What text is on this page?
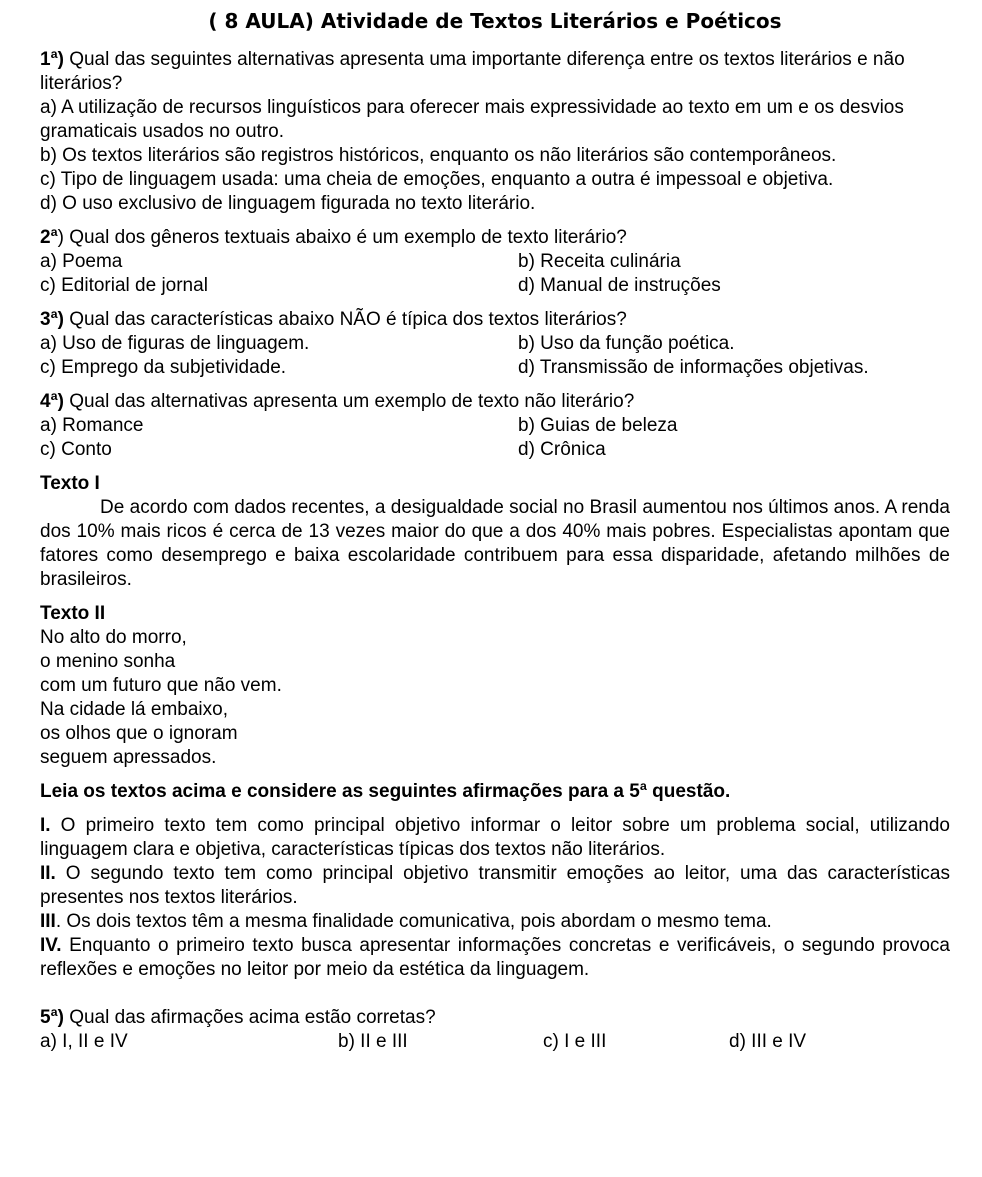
( 8 AULA) Atividade de Textos Literários e Poéticos

1ª) Qual das seguintes alternativas apresenta uma importante diferença entre os textos literários e não literários?

a) A utilização de recursos linguísticos para oferecer mais expressividade ao texto em um e os desvios gramaticais usados no outro.

b) Os textos literários são registros históricos, enquanto os não literários são contemporâneos.

c) Tipo de linguagem usada: uma cheia de emoções, enquanto a outra é impessoal e objetiva.

d) O uso exclusivo de linguagem figurada no texto literário.

2ª) Qual dos gêneros textuais abaixo é um exemplo de texto literário?

a) Poema	b) Receita culinária
c) Editorial de jornal	d) Manual de instruções

3ª) Qual das características abaixo NÃO é típica dos textos literários?

a) Uso de figuras de linguagem.	b) Uso da função poética.
c) Emprego da subjetividade.	d) Transmissão de informações objetivas.

4ª) Qual das alternativas apresenta um exemplo de texto não literário?

a) Romance	b) Guias de beleza
c) Conto	d) Crônica

Texto I

De acordo com dados recentes, a desigualdade social no Brasil aumentou nos últimos anos. A renda dos 10% mais ricos é cerca de 13 vezes maior do que a dos 40% mais pobres. Especialistas apontam que fatores como desemprego e baixa escolaridade contribuem para essa disparidade, afetando milhões de brasileiros.

Texto II

No alto do morro,

o menino sonha

com um futuro que não vem.

Na cidade lá embaixo,

os olhos que o ignoram

seguem apressados.

Leia os textos acima e considere as seguintes afirmações para a 5ª questão.

I. O primeiro texto tem como principal objetivo informar o leitor sobre um problema social, utilizando linguagem clara e objetiva, características típicas dos textos não literários.

II. O segundo texto tem como principal objetivo transmitir emoções ao leitor, uma das características presentes nos textos literários.

III. Os dois textos têm a mesma finalidade comunicativa, pois abordam o mesmo tema.

IV. Enquanto o primeiro texto busca apresentar informações concretas e verificáveis, o segundo provoca reflexões e emoções no leitor por meio da estética da linguagem.

5ª) Qual das afirmações acima estão corretas?

a) I, II e IV	b) II e III	c) I e III	d) III e IV
